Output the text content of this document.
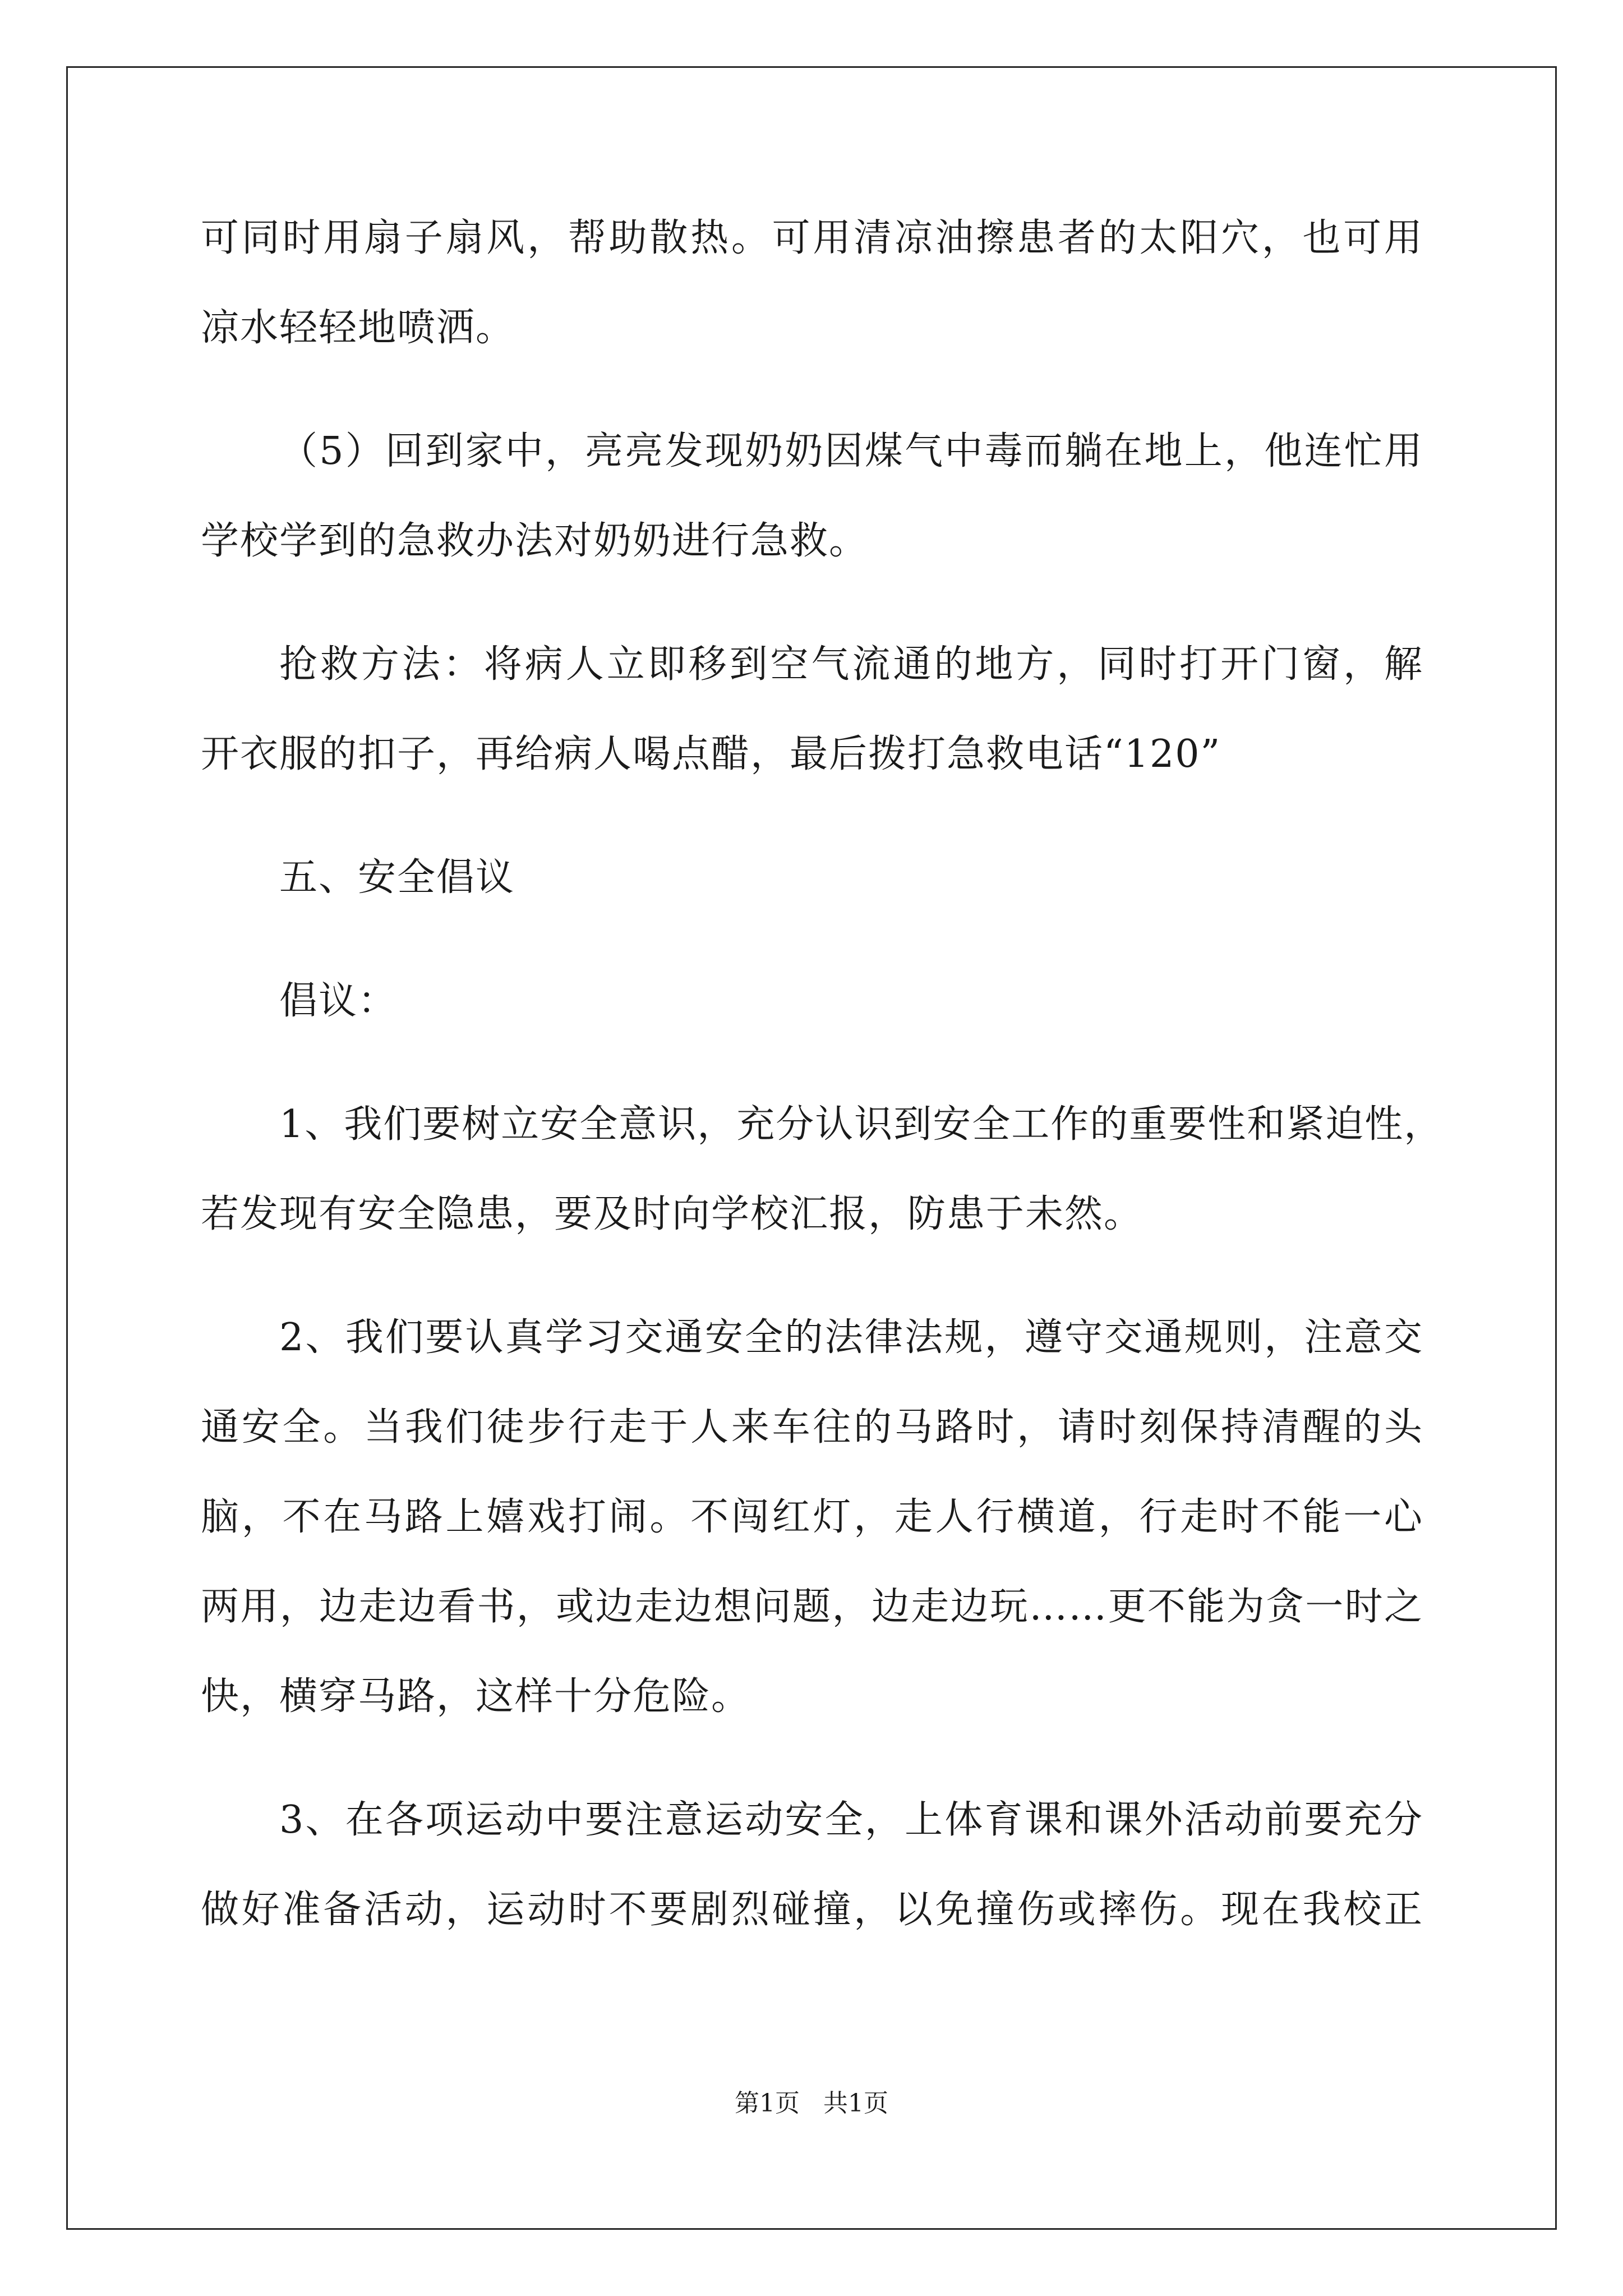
可同时用扇子扇风，帮助散热。可用清凉油擦患者的太阳穴，也可用
凉水轻轻地喷洒。
（5）回到家中，亮亮发现奶奶因煤气中毒而躺在地上，他连忙用
学校学到的急救办法对奶奶进行急救。
抢救方法：将病人立即移到空气流通的地方，同时打开门窗，解
开衣服的扣子，再给病人喝点醋，最后拨打急救电话“120”
五、安全倡议
倡议：
1、我们要树立安全意识，充分认识到安全工作的重要性和紧迫性，
若发现有安全隐患，要及时向学校汇报，防患于未然。
2、我们要认真学习交通安全的法律法规，遵守交通规则，注意交
通安全。当我们徒步行走于人来车往的马路时，请时刻保持清醒的头
脑，不在马路上嬉戏打闹。不闯红灯，走人行横道，行走时不能一心
两用，边走边看书，或边走边想问题，边走边玩……更不能为贪一时之
快，横穿马路，这样十分危险。
3、在各项运动中要注意运动安全，上体育课和课外活动前要充分
做好准备活动，运动时不要剧烈碰撞，以免撞伤或摔伤。现在我校正
第1页   共1页
